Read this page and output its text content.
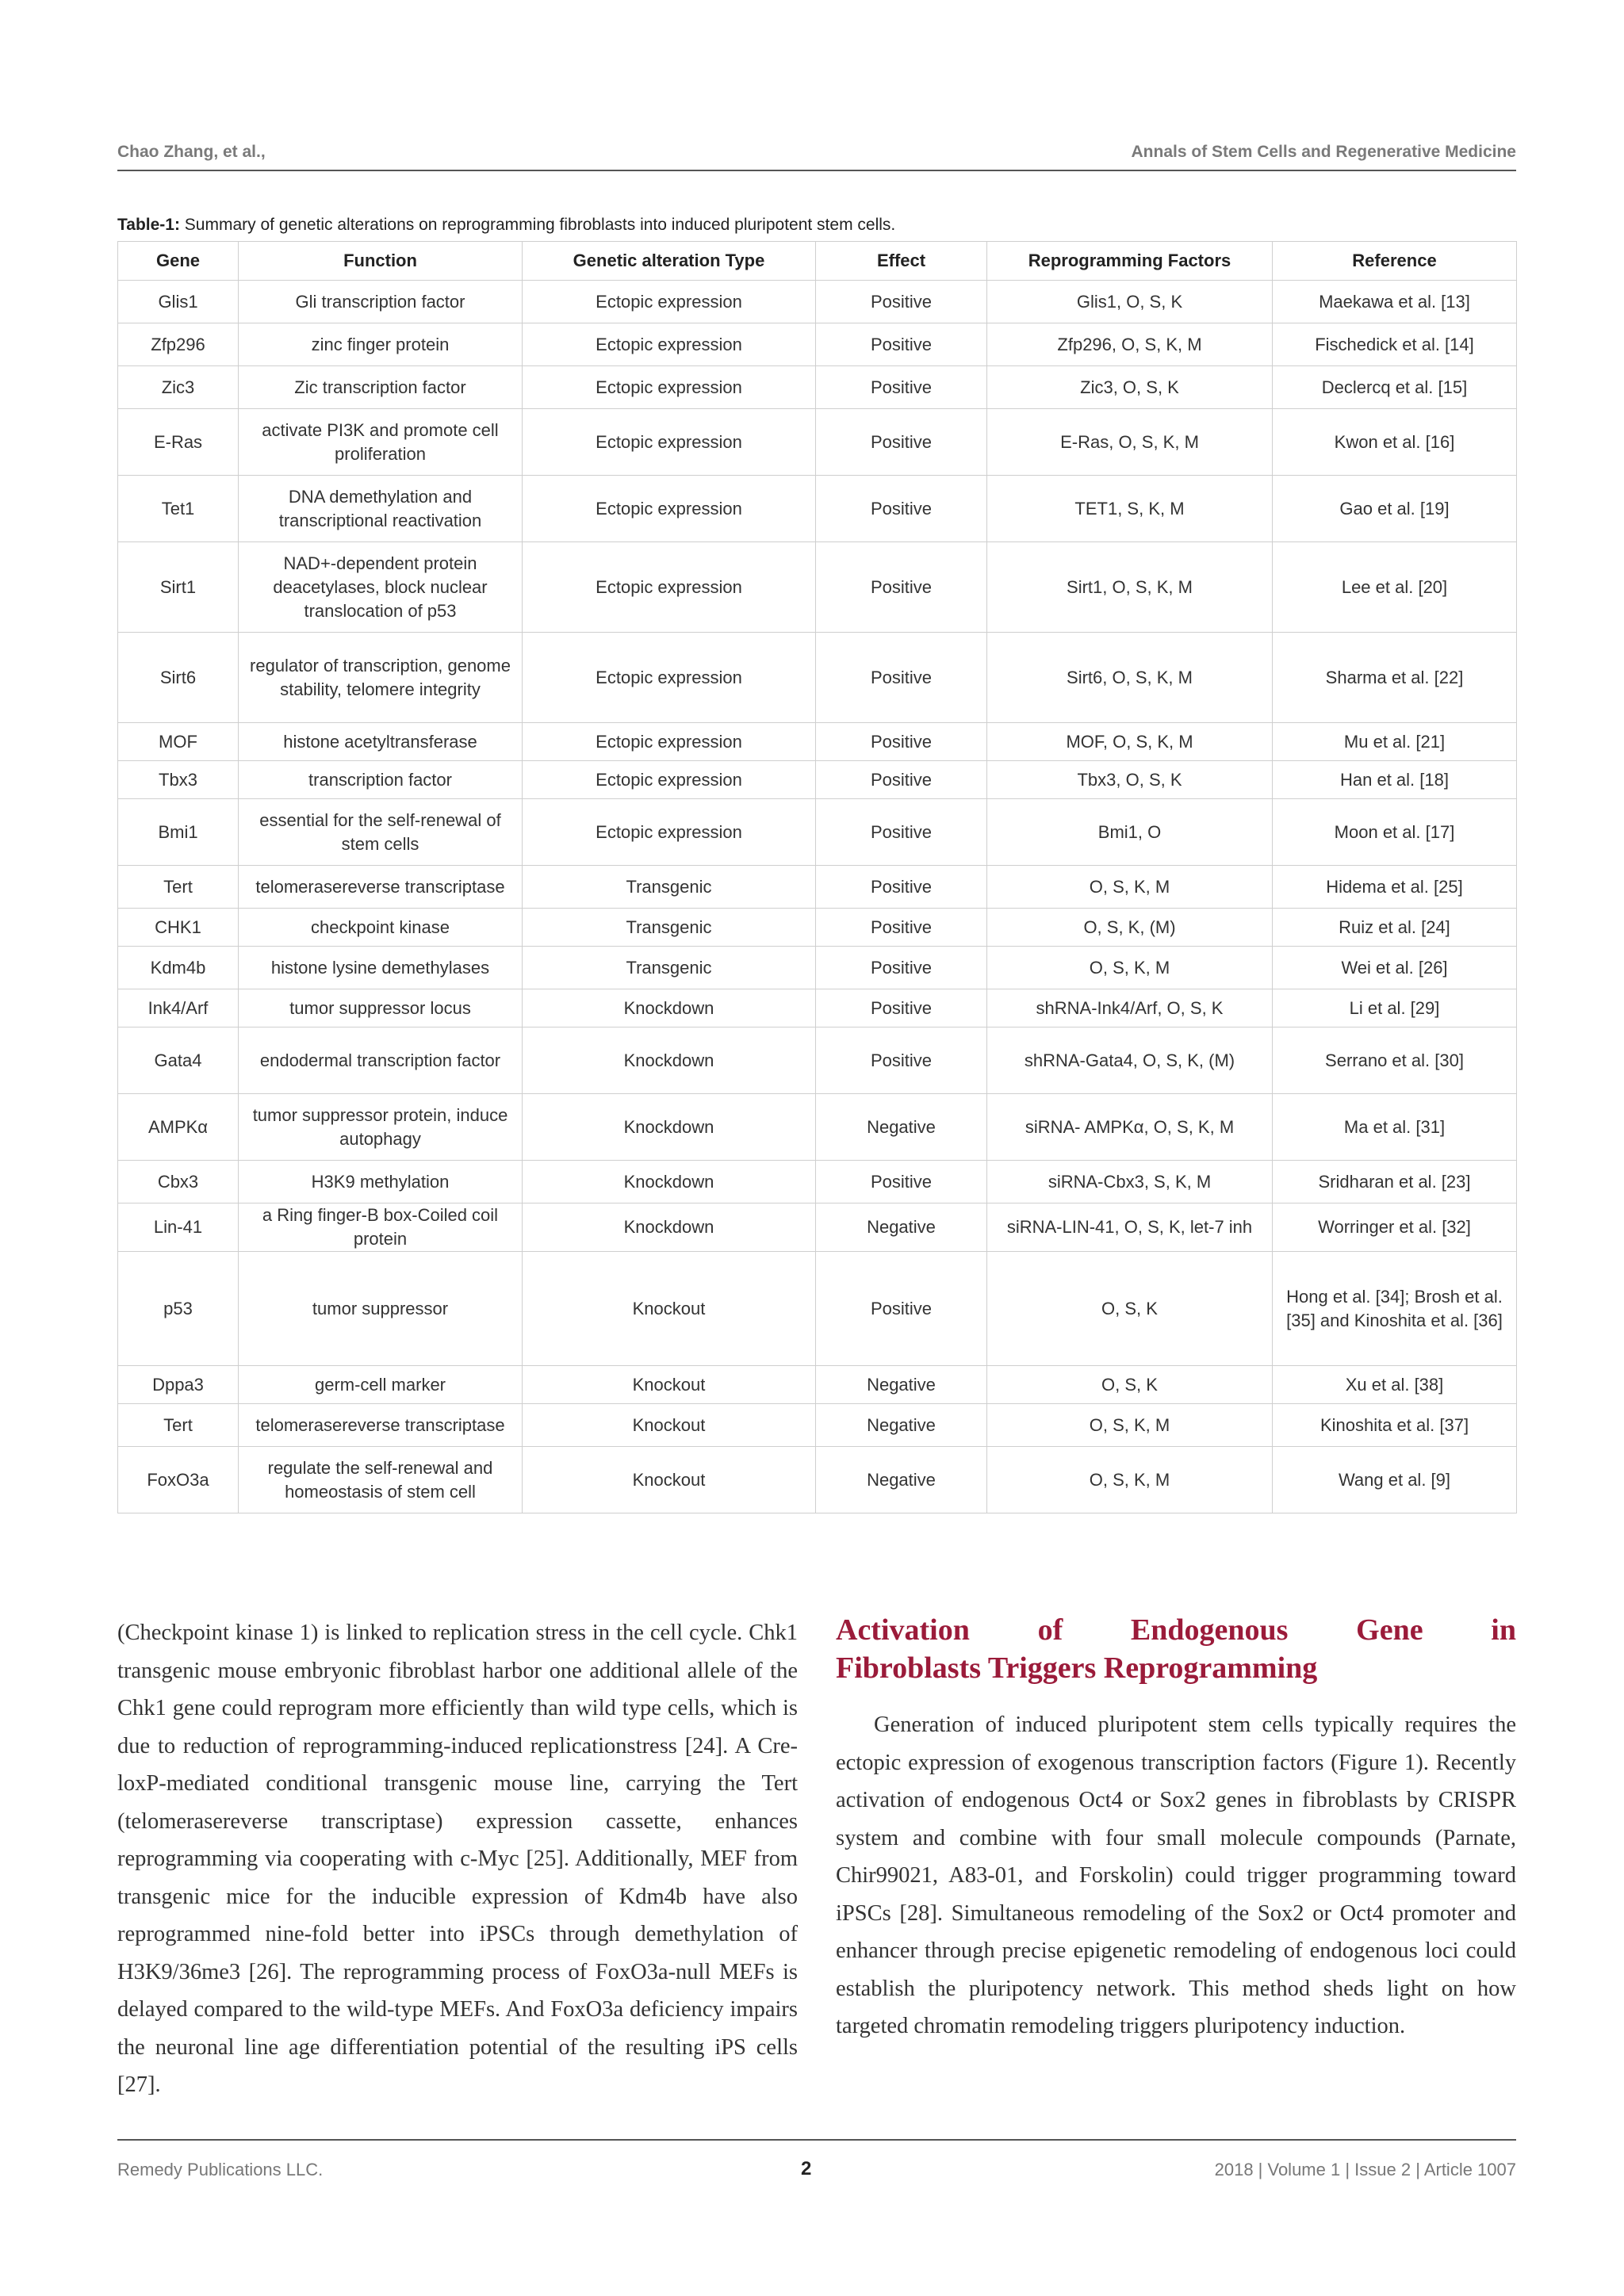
Chao Zhang, et al.,	Annals of Stem Cells and Regenerative Medicine
Table-1: Summary of genetic alterations on reprogramming fibroblasts into induced pluripotent stem cells.
Gene	Function	Genetic alteration Type	Effect	Reprogramming Factors	Reference
Glis1	Gli transcription factor	Ectopic expression	Positive	Glis1, O, S, K	Maekawa et al. [13]
Zfp296	zinc finger protein	Ectopic expression	Positive	Zfp296, O, S, K, M	Fischedick et al. [14]
Zic3	Zic transcription factor	Ectopic expression	Positive	Zic3, O, S, K	Declercq et al. [15]
E-Ras	activate PI3K and promote cell proliferation	Ectopic expression	Positive	E-Ras, O, S, K, M	Kwon et al. [16]
Tet1	DNA demethylation and transcriptional reactivation	Ectopic expression	Positive	TET1, S, K, M	Gao et al. [19]
Sirt1	NAD+-dependent protein deacetylases, block nuclear translocation of p53	Ectopic expression	Positive	Sirt1, O, S, K, M	Lee et al. [20]
Sirt6	regulator of transcription, genome stability, telomere integrity	Ectopic expression	Positive	Sirt6, O, S, K, M	Sharma et al. [22]
MOF	histone acetyltransferase	Ectopic expression	Positive	MOF, O, S, K, M	Mu et al. [21]
Tbx3	transcription factor	Ectopic expression	Positive	Tbx3, O, S, K	Han et al. [18]
Bmi1	essential for the self-renewal of stem cells	Ectopic expression	Positive	Bmi1, O	Moon et al. [17]
Tert	telomerasereverse transcriptase	Transgenic	Positive	O, S, K, M	Hidema et al. [25]
CHK1	checkpoint kinase	Transgenic	Positive	O, S, K, (M)	Ruiz et al. [24]
Kdm4b	histone lysine demethylases	Transgenic	Positive	O, S, K, M	Wei et al. [26]
Ink4/Arf	tumor suppressor locus	Knockdown	Positive	shRNA-Ink4/Arf, O, S, K	Li et al. [29]
Gata4	endodermal transcription factor	Knockdown	Positive	shRNA-Gata4, O, S, K, (M)	Serrano et al. [30]
AMPKα	tumor suppressor protein, induce autophagy	Knockdown	Negative	siRNA- AMPKα, O, S, K, M	Ma et al. [31]
Cbx3	H3K9 methylation	Knockdown	Positive	siRNA-Cbx3, S, K, M	Sridharan et al. [23]
Lin-41	a Ring finger-B box-Coiled coil protein	Knockdown	Negative	siRNA-LIN-41, O, S, K, let-7 inh	Worringer et al. [32]
p53	tumor suppressor	Knockout	Positive	O, S, K	Hong et al. [34]; Brosh et al. [35] and Kinoshita et al. [36]
Dppa3	germ-cell marker	Knockout	Negative	O, S, K	Xu et al. [38]
Tert	telomerasereverse transcriptase	Knockout	Negative	O, S, K, M	Kinoshita et al. [37]
FoxO3a	regulate the self-renewal and homeostasis of stem cell	Knockout	Negative	O, S, K, M	Wang et al. [9]
(Checkpoint kinase 1) is linked to replication stress in the cell cycle. Chk1 transgenic mouse embryonic fibroblast harbor one additional allele of the Chk1 gene could reprogram more efficiently than wild type cells, which is due to reduction of reprogramming-induced replicationstress [24]. A Cre-loxP-mediated conditional transgenic mouse line, carrying the Tert (telomerasereverse transcriptase) expression cassette, enhances reprogramming via cooperating with c-Myc [25]. Additionally, MEF from transgenic mice for the inducible expression of Kdm4b have also reprogrammed nine-fold better into iPSCs through demethylation of H3K9/36me3 [26]. The reprogramming process of FoxO3a-null MEFs is delayed compared to the wild-type MEFs. And FoxO3a deficiency impairs the neuronal line age differentiation potential of the resulting iPS cells [27].
Activation of Endogenous Gene in
Fibroblasts Triggers Reprogramming
Generation of induced pluripotent stem cells typically requires the ectopic expression of exogenous transcription factors (Figure 1). Recently activation of endogenous Oct4 or Sox2 genes in fibroblasts by CRISPR system and combine with four small molecule compounds (Parnate, Chir99021, A83-01, and Forskolin) could trigger programming toward iPSCs [28]. Simultaneous remodeling of the Sox2 or Oct4 promoter and enhancer through precise epigenetic remodeling of endogenous loci could establish the pluripotency network. This method sheds light on how targeted chromatin remodeling triggers pluripotency induction.
Remedy Publications LLC.	2	2018 | Volume 1 | Issue 2 | Article 1007
